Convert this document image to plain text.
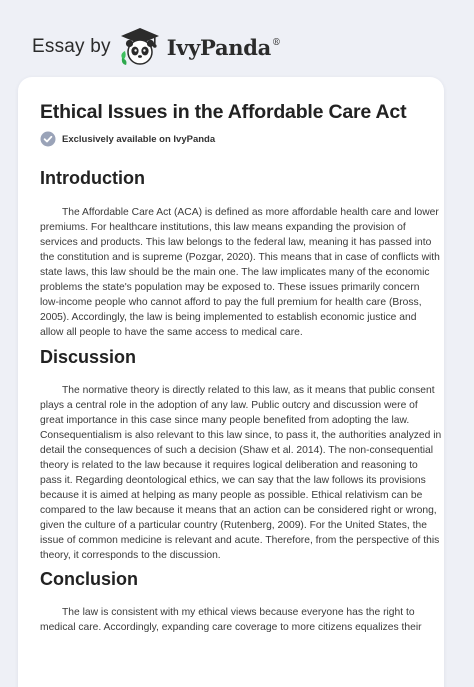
Essay by	IvyPanda®
Ethical Issues in the Affordable Care Act
Exclusively available on IvyPanda
Introduction
The Affordable Care Act (ACA) is defined as more affordable health care and lower
premiums. For healthcare institutions, this law means expanding the provision of
services and products. This law belongs to the federal law, meaning it has passed into
the constitution and is supreme (Pozgar, 2020). This means that in case of conflicts with
state laws, this law should be the main one. The law implicates many of the economic
problems the state's population may be exposed to. These issues primarily concern
low-income people who cannot afford to pay the full premium for health care (Bross,
2005). Accordingly, the law is being implemented to establish economic justice and
allow all people to have the same access to medical care.
Discussion
The normative theory is directly related to this law, as it means that public consent
plays a central role in the adoption of any law. Public outcry and discussion were of
great importance in this case since many people benefited from adopting the law.
Consequentialism is also relevant to this law since, to pass it, the authorities analyzed in
detail the consequences of such a decision (Shaw et al. 2014). The non-consequential
theory is related to the law because it requires logical deliberation and reasoning to
pass it. Regarding deontological ethics, we can say that the law follows its provisions
because it is aimed at helping as many people as possible. Ethical relativism can be
compared to the law because it means that an action can be considered right or wrong,
given the culture of a particular country (Rutenberg, 2009). For the United States, the
issue of common medicine is relevant and acute. Therefore, from the perspective of this
theory, it corresponds to the discussion.
Conclusion
The law is consistent with my ethical views because everyone has the right to
medical care. Accordingly, expanding care coverage to more citizens equalizes their
